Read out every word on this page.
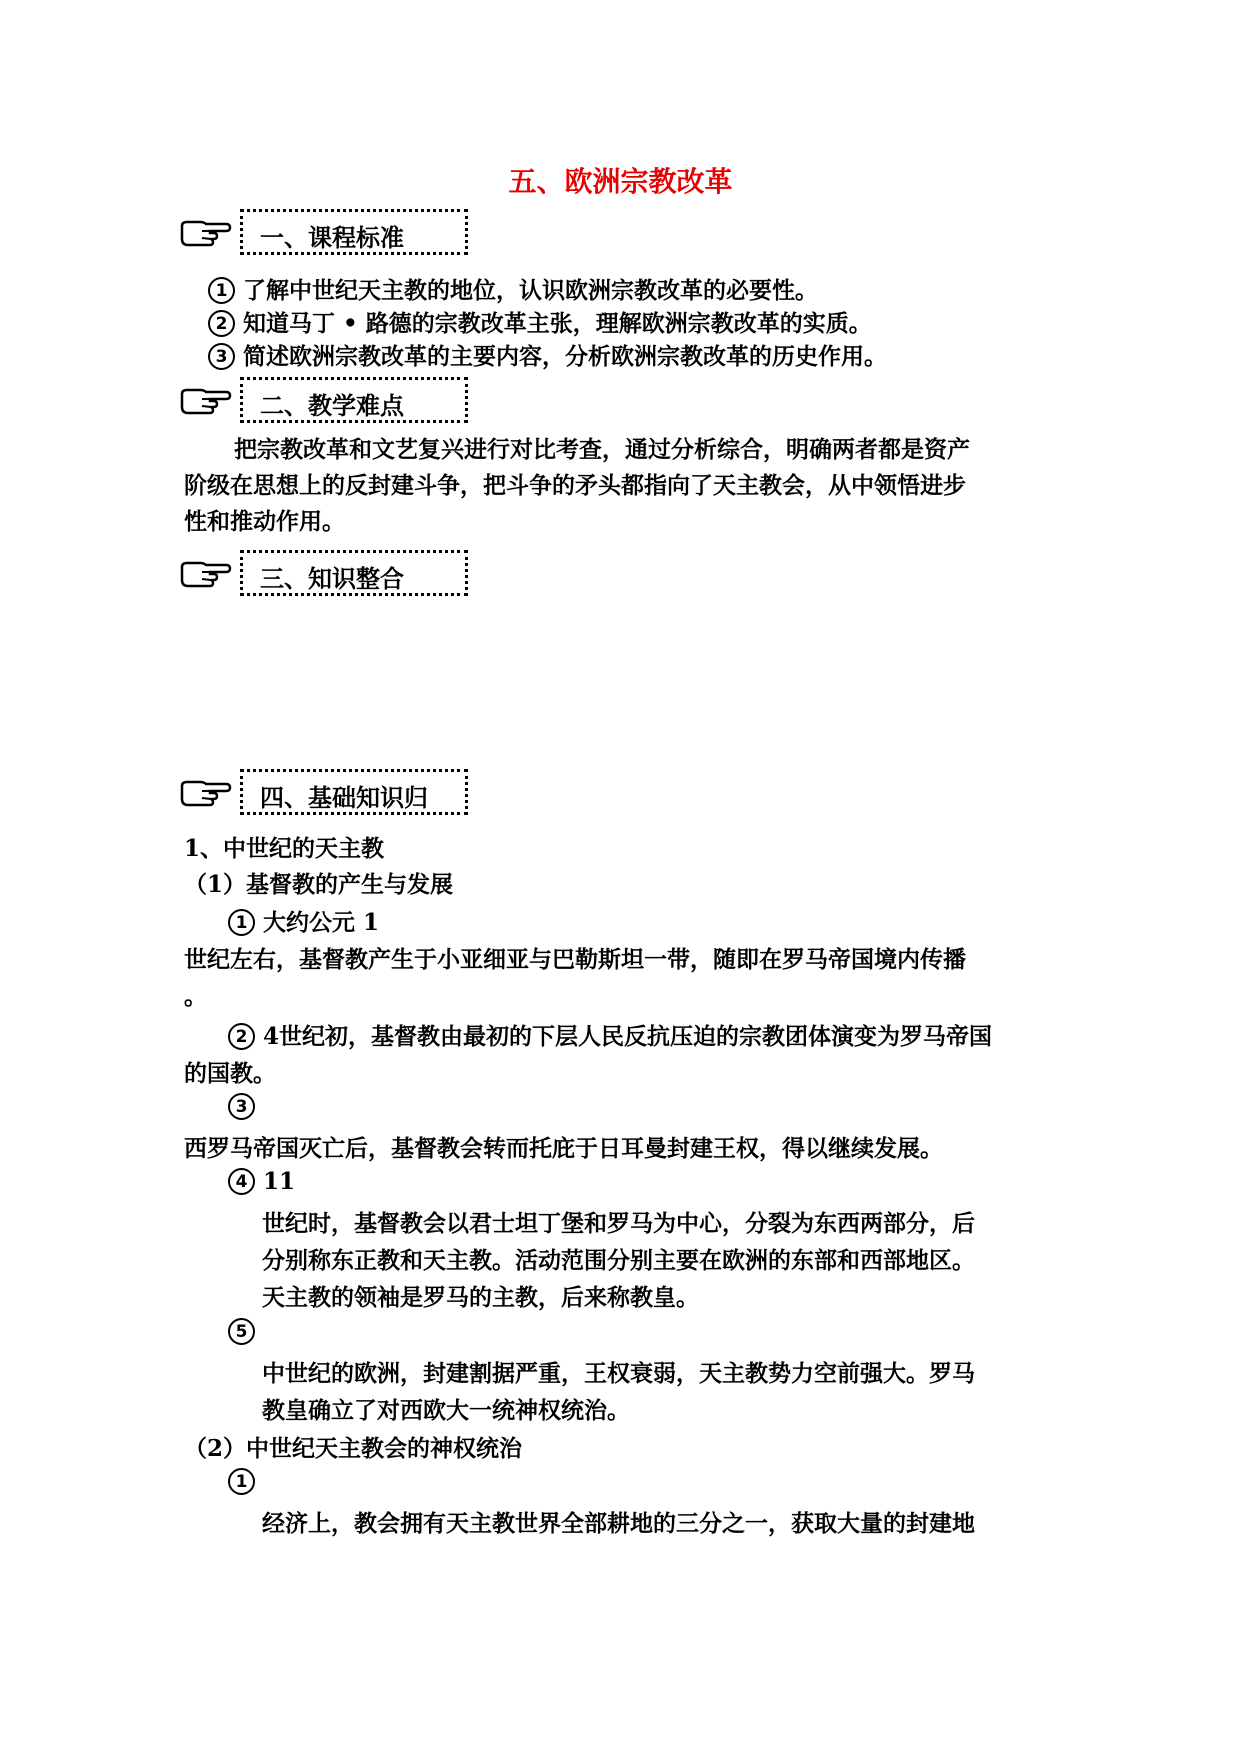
五、欧洲宗教改革
一、课程标准
1 了解中世纪天主教的地位，认识欧洲宗教改革的必要性。
2 知道马丁 • 路德的宗教改革主张，理解欧洲宗教改革的实质。
3 简述欧洲宗教改革的主要内容，分析欧洲宗教改革的历史作用。
二、教学难点
把宗教改革和文艺复兴进行对比考查，通过分析综合，明确两者都是资产
阶级在思想上的反封建斗争，把斗争的矛头都指向了天主教会，从中领悟进步
性和推动作用。
三、知识整合
四、基础知识归
1、中世纪的天主教
（1）基督教的产生与发展
1 大约公元 1
世纪左右，基督教产生于小亚细亚与巴勒斯坦一带，随即在罗马帝国境内传播
。
2 4世纪初，基督教由最初的下层人民反抗压迫的宗教团体演变为罗马帝国
的国教。
3
西罗马帝国灭亡后，基督教会转而托庇于日耳曼封建王权，得以继续发展。
4 11
世纪时，基督教会以君士坦丁堡和罗马为中心，分裂为东西两部分，后
分别称东正教和天主教。活动范围分别主要在欧洲的东部和西部地区。
天主教的领袖是罗马的主教，后来称教皇。
5
中世纪的欧洲，封建割据严重，王权衰弱，天主教势力空前强大。罗马
教皇确立了对西欧大一统神权统治。
（2）中世纪天主教会的神权统治
1
经济上，教会拥有天主教世界全部耕地的三分之一，获取大量的封建地
